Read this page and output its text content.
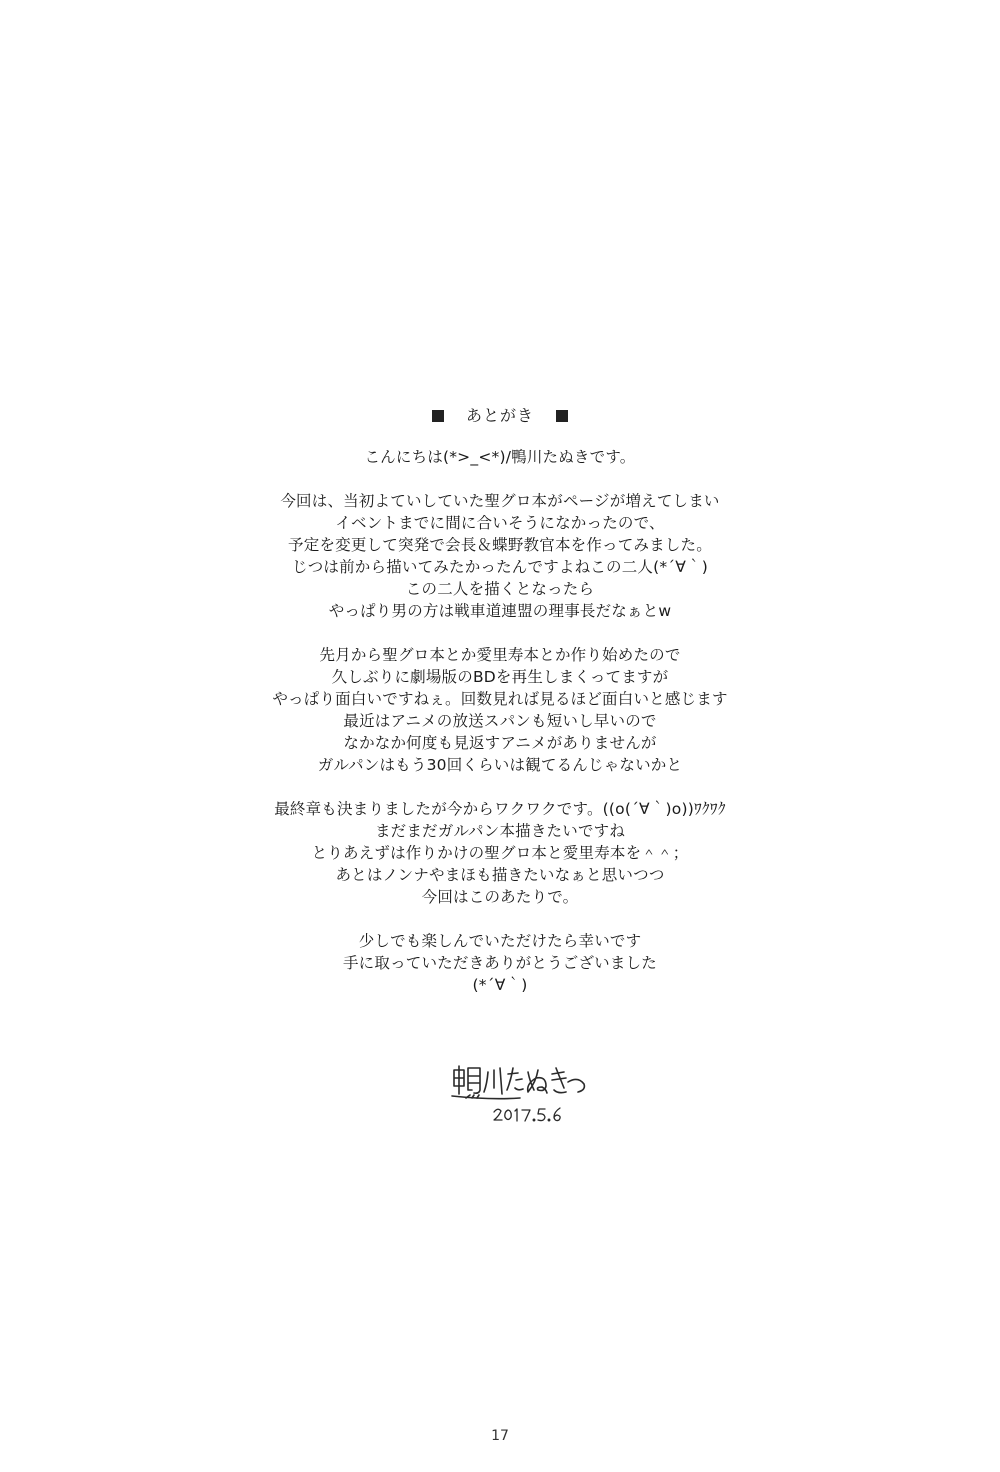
あとがき
こんにちは(*>_<*)/鴨川たぬきです。
今回は、当初よていしていた聖グロ本がページが増えてしまい
イベントまでに間に合いそうになかったので、
予定を変更して突発で会長＆蝶野教官本を作ってみました。
じつは前から描いてみたかったんですよねこの二人(*´∀｀)
この二人を描くとなったら
やっぱり男の方は戦車道連盟の理事長だなぁとw
先月から聖グロ本とか愛里寿本とか作り始めたので
久しぶりに劇場版のBDを再生しまくってますが
やっぱり面白いですねぇ。回数見れば見るほど面白いと感じます
最近はアニメの放送スパンも短いし早いので
なかなか何度も見返すアニメがありませんが
ガルパンはもう30回くらいは観てるんじゃないかと
最終章も決まりましたが今からワクワクです。((o(´∀｀)o))ﾜｸﾜｸ
まだまだガルパン本描きたいですね
とりあえずは作りかけの聖グロ本と愛里寿本を＾＾；
あとはノンナやまほも描きたいなぁと思いつつ
今回はこのあたりで。
少しでも楽しんでいただけたら幸いです
手に取っていただきありがとうございました
(*´∀｀)
17
